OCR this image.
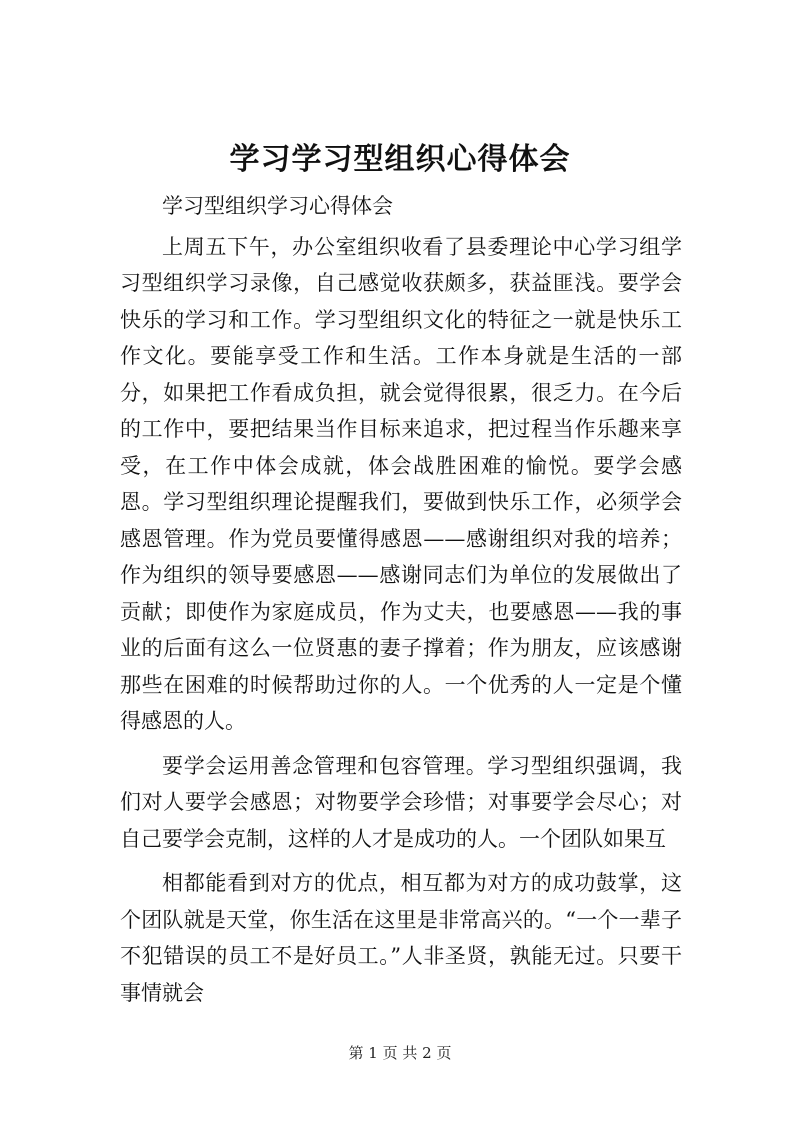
学习学习型组织心得体会

学习型组织学习心得体会

上周五下午，办公室组织收看了县委理论中心学习组学习型组织学习录像，自己感觉收获颇多，获益匪浅。要学会快乐的学习和工作。学习型组织文化的特征之一就是快乐工作文化。要能享受工作和生活。工作本身就是生活的一部分，如果把工作看成负担，就会觉得很累，很乏力。在今后的工作中，要把结果当作目标来追求，把过程当作乐趣来享受，在工作中体会成就，体会战胜困难的愉悦。要学会感恩。学习型组织理论提醒我们，要做到快乐工作，必须学会感恩管理。作为党员要懂得感恩——感谢组织对我的培养；作为组织的领导要感恩——感谢同志们为单位的发展做出了贡献；即使作为家庭成员，作为丈夫，也要感恩——我的事业的后面有这么一位贤惠的妻子撑着；作为朋友，应该感谢那些在困难的时候帮助过你的人。一个优秀的人一定是个懂得感恩的人。

要学会运用善念管理和包容管理。学习型组织强调，我们对人要学会感恩；对物要学会珍惜；对事要学会尽心；对自己要学会克制，这样的人才是成功的人。一个团队如果互

相都能看到对方的优点，相互都为对方的成功鼓掌，这个团队就是天堂，你生活在这里是非常高兴的。“一个一辈子不犯错误的员工不是好员工。”人非圣贤，孰能无过。只要干事情就会

第 1 页 共 2 页
